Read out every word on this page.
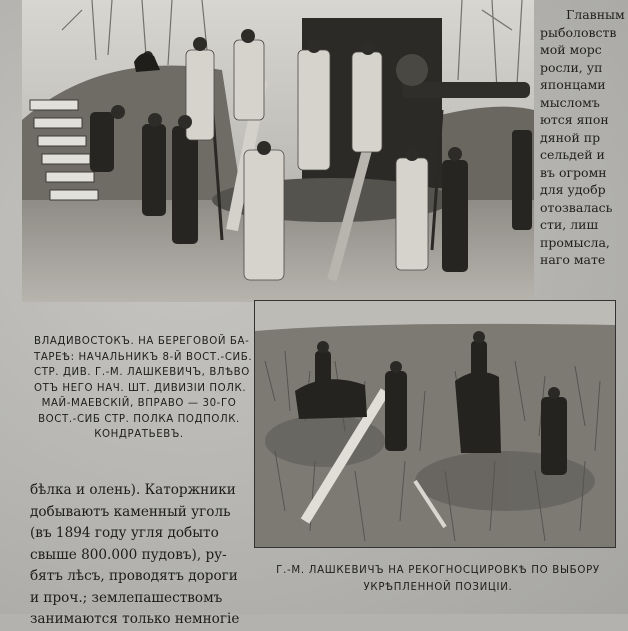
Главным
рыболовств
мой морс
росли, уп
японцами
мысломъ
ются япон
дяной пр
сельдей и
въ огромн
для удобр
отозвалась
сти, лиш
промысла,
наго мате
ВЛАДИВОСТОКЪ. НА БЕРЕГОВОЙ БА-
ТАРЕѢ: НАЧАЛЬНИКЪ 8-Й ВОСТ.-СИБ.
СТР. ДИВ. Г.-М. ЛАШКЕВИЧЪ, ВЛѢВО
ОТЪ НЕГО НАЧ. ШТ. ДИВИЗІИ ПОЛК.
МАЙ-МАЕВСКІЙ, ВПРАВО — 30-ГО
ВОСТ.-СИБ СТР. ПОЛКА ПОДПОЛК.
КОНДРАТЬЕВЪ.
бѣлка и олень). Каторжники
добываютъ каменный уголь
(въ 1894 году угля добыто
свыше 800.000 пудовъ), ру-
бятъ лѣсъ, проводятъ дороги
и проч.; землепашествомъ
занимаются только немногіе
Г.-М. ЛАШКЕВИЧЪ НА РЕКОГНОСЦИРОВКѢ ПО ВЫБОРУ
УКРѢПЛЕННОЙ ПОЗИЦІИ.
